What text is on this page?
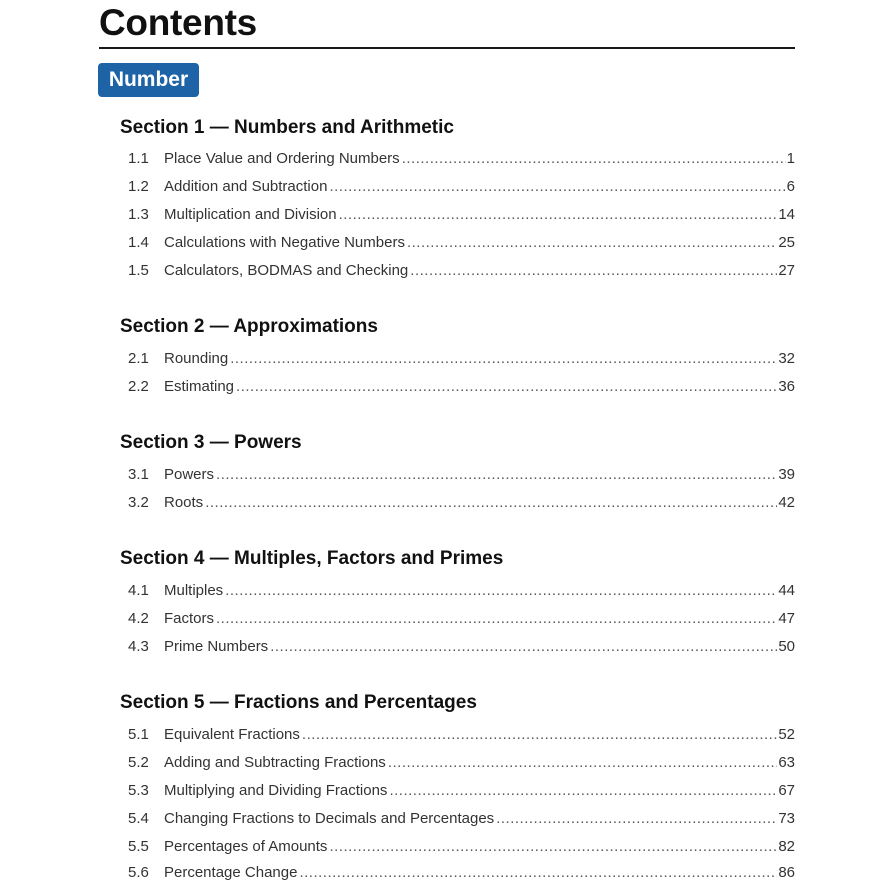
Contents
Number
Section 1 — Numbers and Arithmetic
1.1	Place Value and Ordering Numbers .....	1
1.2	Addition and Subtraction .....	6
1.3	Multiplication and Division .....	14
1.4	Calculations with Negative Numbers .....	25
1.5	Calculators, BODMAS and Checking .....	27
Section 2 — Approximations
2.1	Rounding .....	32
2.2	Estimating .....	36
Section 3 — Powers
3.1	Powers .....	39
3.2	Roots .....	42
Section 4 — Multiples, Factors and Primes
4.1	Multiples .....	44
4.2	Factors .....	47
4.3	Prime Numbers .....	50
Section 5 — Fractions and Percentages
5.1	Equivalent Fractions .....	52
5.2	Adding and Subtracting Fractions .....	63
5.3	Multiplying and Dividing Fractions .....	67
5.4	Changing Fractions to Decimals and Percentages .....	73
5.5	Percentages of Amounts .....	82
5.6	Percentage Change .....	86
